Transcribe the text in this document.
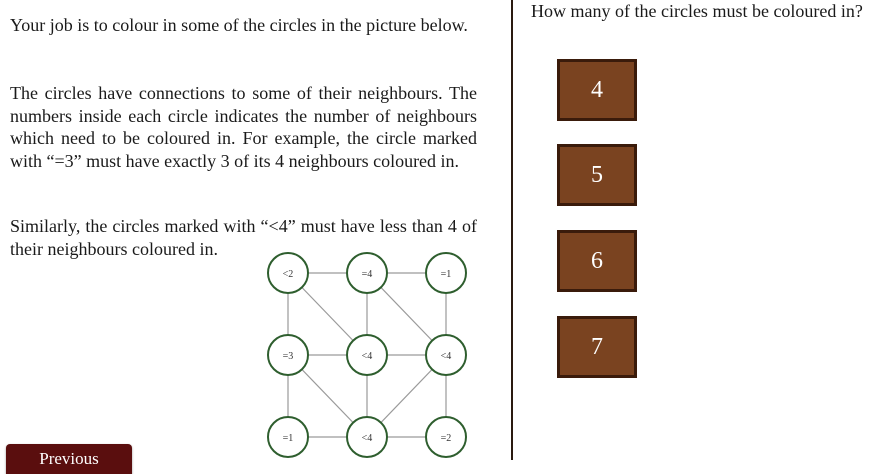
Your job is to colour in some of the circles in the picture below.

The circles have connections to some of their neighbours. The numbers inside each circle indicates the number of neighbours which need to be coloured in. For example, the circle marked with “=3” must have exactly 3 of its 4 neighbours coloured in.

Similarly, the circles marked with “<4” must have less than 4 of their neighbours coloured in.

<2	=4	=1
=3	<4	<4
=1	<4	=2
Previous
How many of the circles must be coloured in?
4
5
6
7
